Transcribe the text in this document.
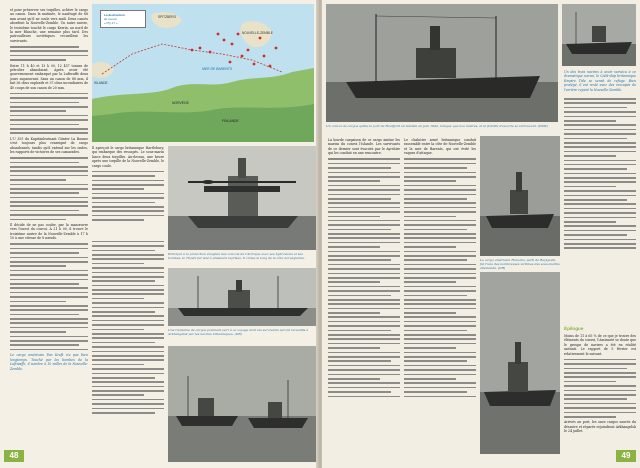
et pour préserver ses torpilles, achève le cargo au canon. Dans la matinée, le naufragé de 68 mm avant qu'il ne coule vers midi. Deux canots abordent la Nouvelle-Zemble. Un autre navire, le troisième touché le cargo Kerrin, au nord de la mer Blanche, une semaine plus tard. Des patrouilleurs soviétiques recueillent les survivants.

Entre 11 h 40 et 13 h 00, 12 457 tonnes de pétrolier abandonné. Après avoir été gouvernement embarqué par la Luftwaffe deux jours auparavant. Sans un canon de 88 mm, il fait 36 obus explosifs et 37 obus incendiaires de 40 coups de son canon de 20 mm.

L'U 355 du Kapitänleutnant Günter La Baume s'est toujours plus renseigné de cargo abandonnés, tandis qu'il entend sur les ondes, les rapports de victoires de ses camarades.

Il décide de ne pas couler, par la manœuvre vers l'ouest du convoi. À 21 h 00, il trouve le troisième navire de la Nouvelle-Zemble à 17 h 10 à une vitesse de 8 nœuds.

Le cargo américain Pan Kraft n'a pas bien longtemps. Touché par les bombes de la Luftwaffe, il sombre à 10 milles de la Nouvelle-Zemble.

SPITZBERG
NOUVELLE-ZEMBLE
ISLANDE
NORVÈGE
FINLANDE
MER DE BARENTS
La destruction
du convoi
« PQ.17 »

Il aperçoit le cargo britannique Hartlebury, qui embarque des rescapés. Le sous-marin lance deux torpilles. Au-dessus, une heure après une torpille de la Nouvelle-Zemble, le cargo coule.

Principal à la protection éloignée des convois de l'Arctique avec ses hydravions et ses bombes, le Tirpitz fut visé à plusieurs reprises. Il croise le long de la côte norvégienne.
Une trentaine de cargos prennent part à ce voyage dont les survivants seront recueillis à Arkhangelsk par les navires britanniques. (DR)
48
Un convoi de cargos quitte le port de Hvalfjord en Islande en juin 1942, lorsque que nos navires, et la flottille d'escorte se retrouvent. (IWM)

La lourde cargaison de ce cargo amène les marins du convoi l'Islande. Les survivants de ce dernier sont évacués par le Ayrshire qui les conduit en une rencontre.

Le chalutier armé britannique conduit rassemblé entre la côte de Nouvelle-Zemble et la mer de Barents, qui ont évité les vagues d'attaque.

Le cargo américain Honomu, parti de Reykjavik, fut l'une des nombreuses victimes des sous-marins allemands. (DR)

Un des trois navires à avoir survécu à ce dramatique convoi, le CAM-ship britannique Empire Tide se serait de refuge. Bien protégé, il est resté avec des rescapés de l'arrière rejoint la Nouvelle-Zemble.

Épilogue

Moins de 11 à 65 % de ce que je trouve des éléments du convoi, l'Amirauté se doute que le groupe de navires a été en réalité anéanti. Le rapport de 5 février est relativement le suivant.

Arrivés au port, les onze cargos sauvés du désastre et réparés rejoindront Arkhangelsk le 24 juillet.

49
